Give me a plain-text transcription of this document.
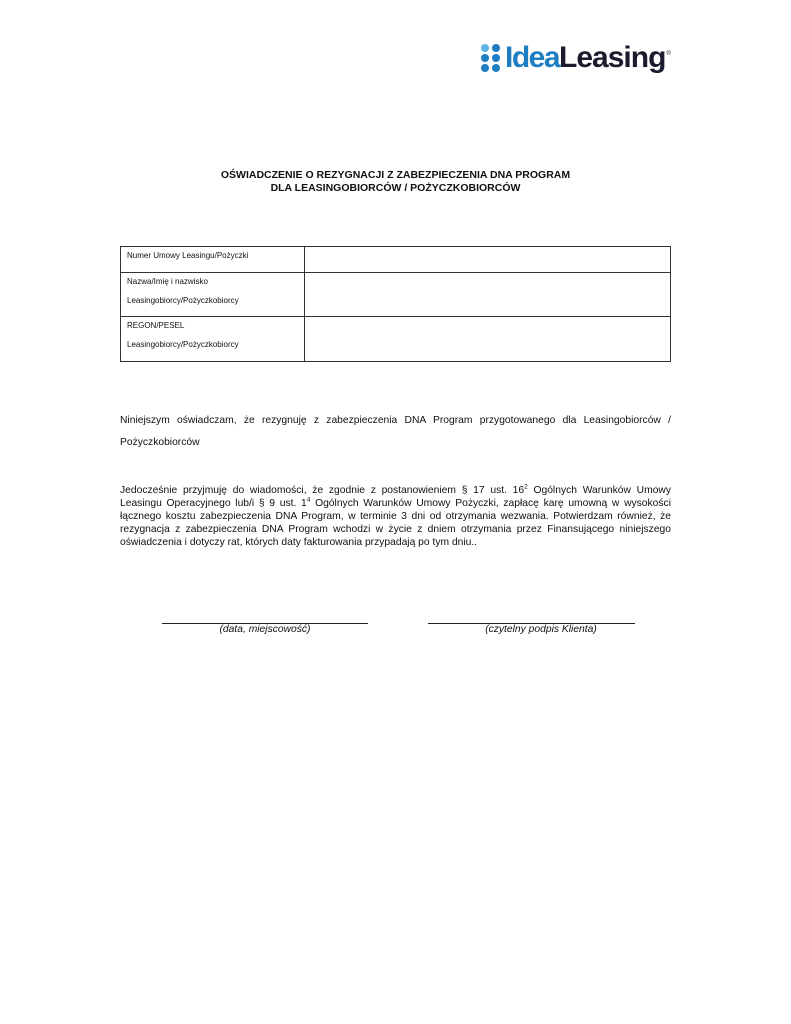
Idea Leasing ®
OŚWIADCZENIE O REZYGNACJI Z ZABEZPIECZENIA DNA PROGRAM
DLA LEASINGOBIORCÓW / POŻYCZKOBIORCÓW
Numer Umowy Leasingu/Pożyczki	

Nazwa/Imię i nazwisko
Leasingobiorcy/Pożyczkobiorcy	

REGON/PESEL
Leasingobiorcy/Pożyczkobiorcy	

Niniejszym oświadczam, że rezygnuję z zabezpieczenia DNA Program przygotowanego dla Leasingobiorców / Pożyczkobiorców
Jedocześnie przyjmuję do wiadomości, że zgodnie z postanowieniem § 17 ust. $16^2$ Ogólnych Warunków Umowy Leasingu Operacyjnego lub/i § 9 ust. $1^4$ Ogólnych Warunków Umowy Pożyczki, zapłacę karę umowną w wysokości łącznego kosztu zabezpieczenia DNA Program, w terminie 3 dni od otrzymania wezwania. Potwierdzam również, że rezygnacja z zabezpieczenia DNA Program wchodzi w życie z dniem otrzymania przez Finansującego niniejszego oświadczenia i dotyczy rat, których daty fakturowania przypadają po tym dniu..
(data, miejscowość)	(czytelny podpis Klienta)
